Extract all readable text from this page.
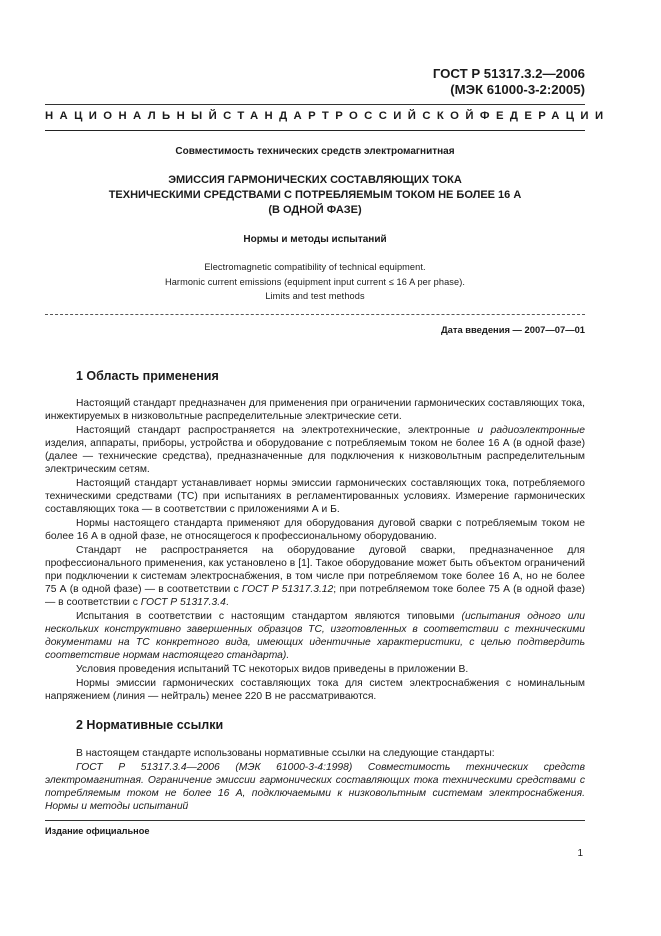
ГОСТ Р 51317.3.2—2006
(МЭК 61000-3-2:2005)
НАЦИОНАЛЬНЫЙ СТАНДАРТ РОССИЙСКОЙ ФЕДЕРАЦИИ
Совместимость технических средств электромагнитная
ЭМИССИЯ ГАРМОНИЧЕСКИХ СОСТАВЛЯЮЩИХ ТОКА
ТЕХНИЧЕСКИМИ СРЕДСТВАМИ С ПОТРЕБЛЯЕМЫМ ТОКОМ НЕ БОЛЕЕ 16 А
(В ОДНОЙ ФАЗЕ)
Нормы и методы испытаний
Electromagnetic compatibility of technical equipment.
Harmonic current emissions (equipment input current ≤ 16 A per phase).
Limits and test methods
Дата введения — 2007—07—01
1 Область применения

Настоящий стандарт предназначен для применения при ограничении гармонических составляющих тока, инжектируемых в низковольтные распределительные электрические сети.

Настоящий стандарт распространяется на электротехнические, электронные и радиоэлектронные изделия, аппараты, приборы, устройства и оборудование с потребляемым током не более 16 А (в одной фазе) (далее — технические средства), предназначенные для подключения к низковольтным распределительным электрическим сетям.

Настоящий стандарт устанавливает нормы эмиссии гармонических составляющих тока, потребляемого техническими средствами (ТС) при испытаниях в регламентированных условиях. Измерение гармонических составляющих тока — в соответствии с приложениями А и Б.

Нормы настоящего стандарта применяют для оборудования дуговой сварки с потребляемым током не более 16 А в одной фазе, не относящегося к профессиональному оборудованию.

Стандарт не распространяется на оборудование дуговой сварки, предназначенное для профессионального применения, как установлено в [1]. Такое оборудование может быть объектом ограничений при подключении к системам электроснабжения, в том числе при потребляемом токе более 16 А, но не более 75 А (в одной фазе) — в соответствии с ГОСТ Р 51317.3.12; при потребляемом токе более 75 А (в одной фазе) — в соответствии с ГОСТ Р 51317.3.4.

Испытания в соответствии с настоящим стандартом являются типовыми (испытания одного или нескольких конструктивно завершенных образцов ТС, изготовленных в соответствии с техническими документами на ТС конкретного вида, имеющих идентичные характеристики, с целью подтвердить соответствие нормам настоящего стандарта).

Условия проведения испытаний ТС некоторых видов приведены в приложении В.

Нормы эмиссии гармонических составляющих тока для систем электроснабжения с номинальным напряжением (линия — нейтраль) менее 220 В не рассматриваются.

2 Нормативные ссылки

В настоящем стандарте использованы нормативные ссылки на следующие стандарты:

ГОСТ Р 51317.3.4—2006 (МЭК 61000-3-4:1998) Совместимость технических средств электромагнитная. Ограничение эмиссии гармонических составляющих тока техническими средствами с потребляемым током не более 16 А, подключаемыми к низковольтным системам электроснабжения. Нормы и методы испытаний

Издание официальное
1
